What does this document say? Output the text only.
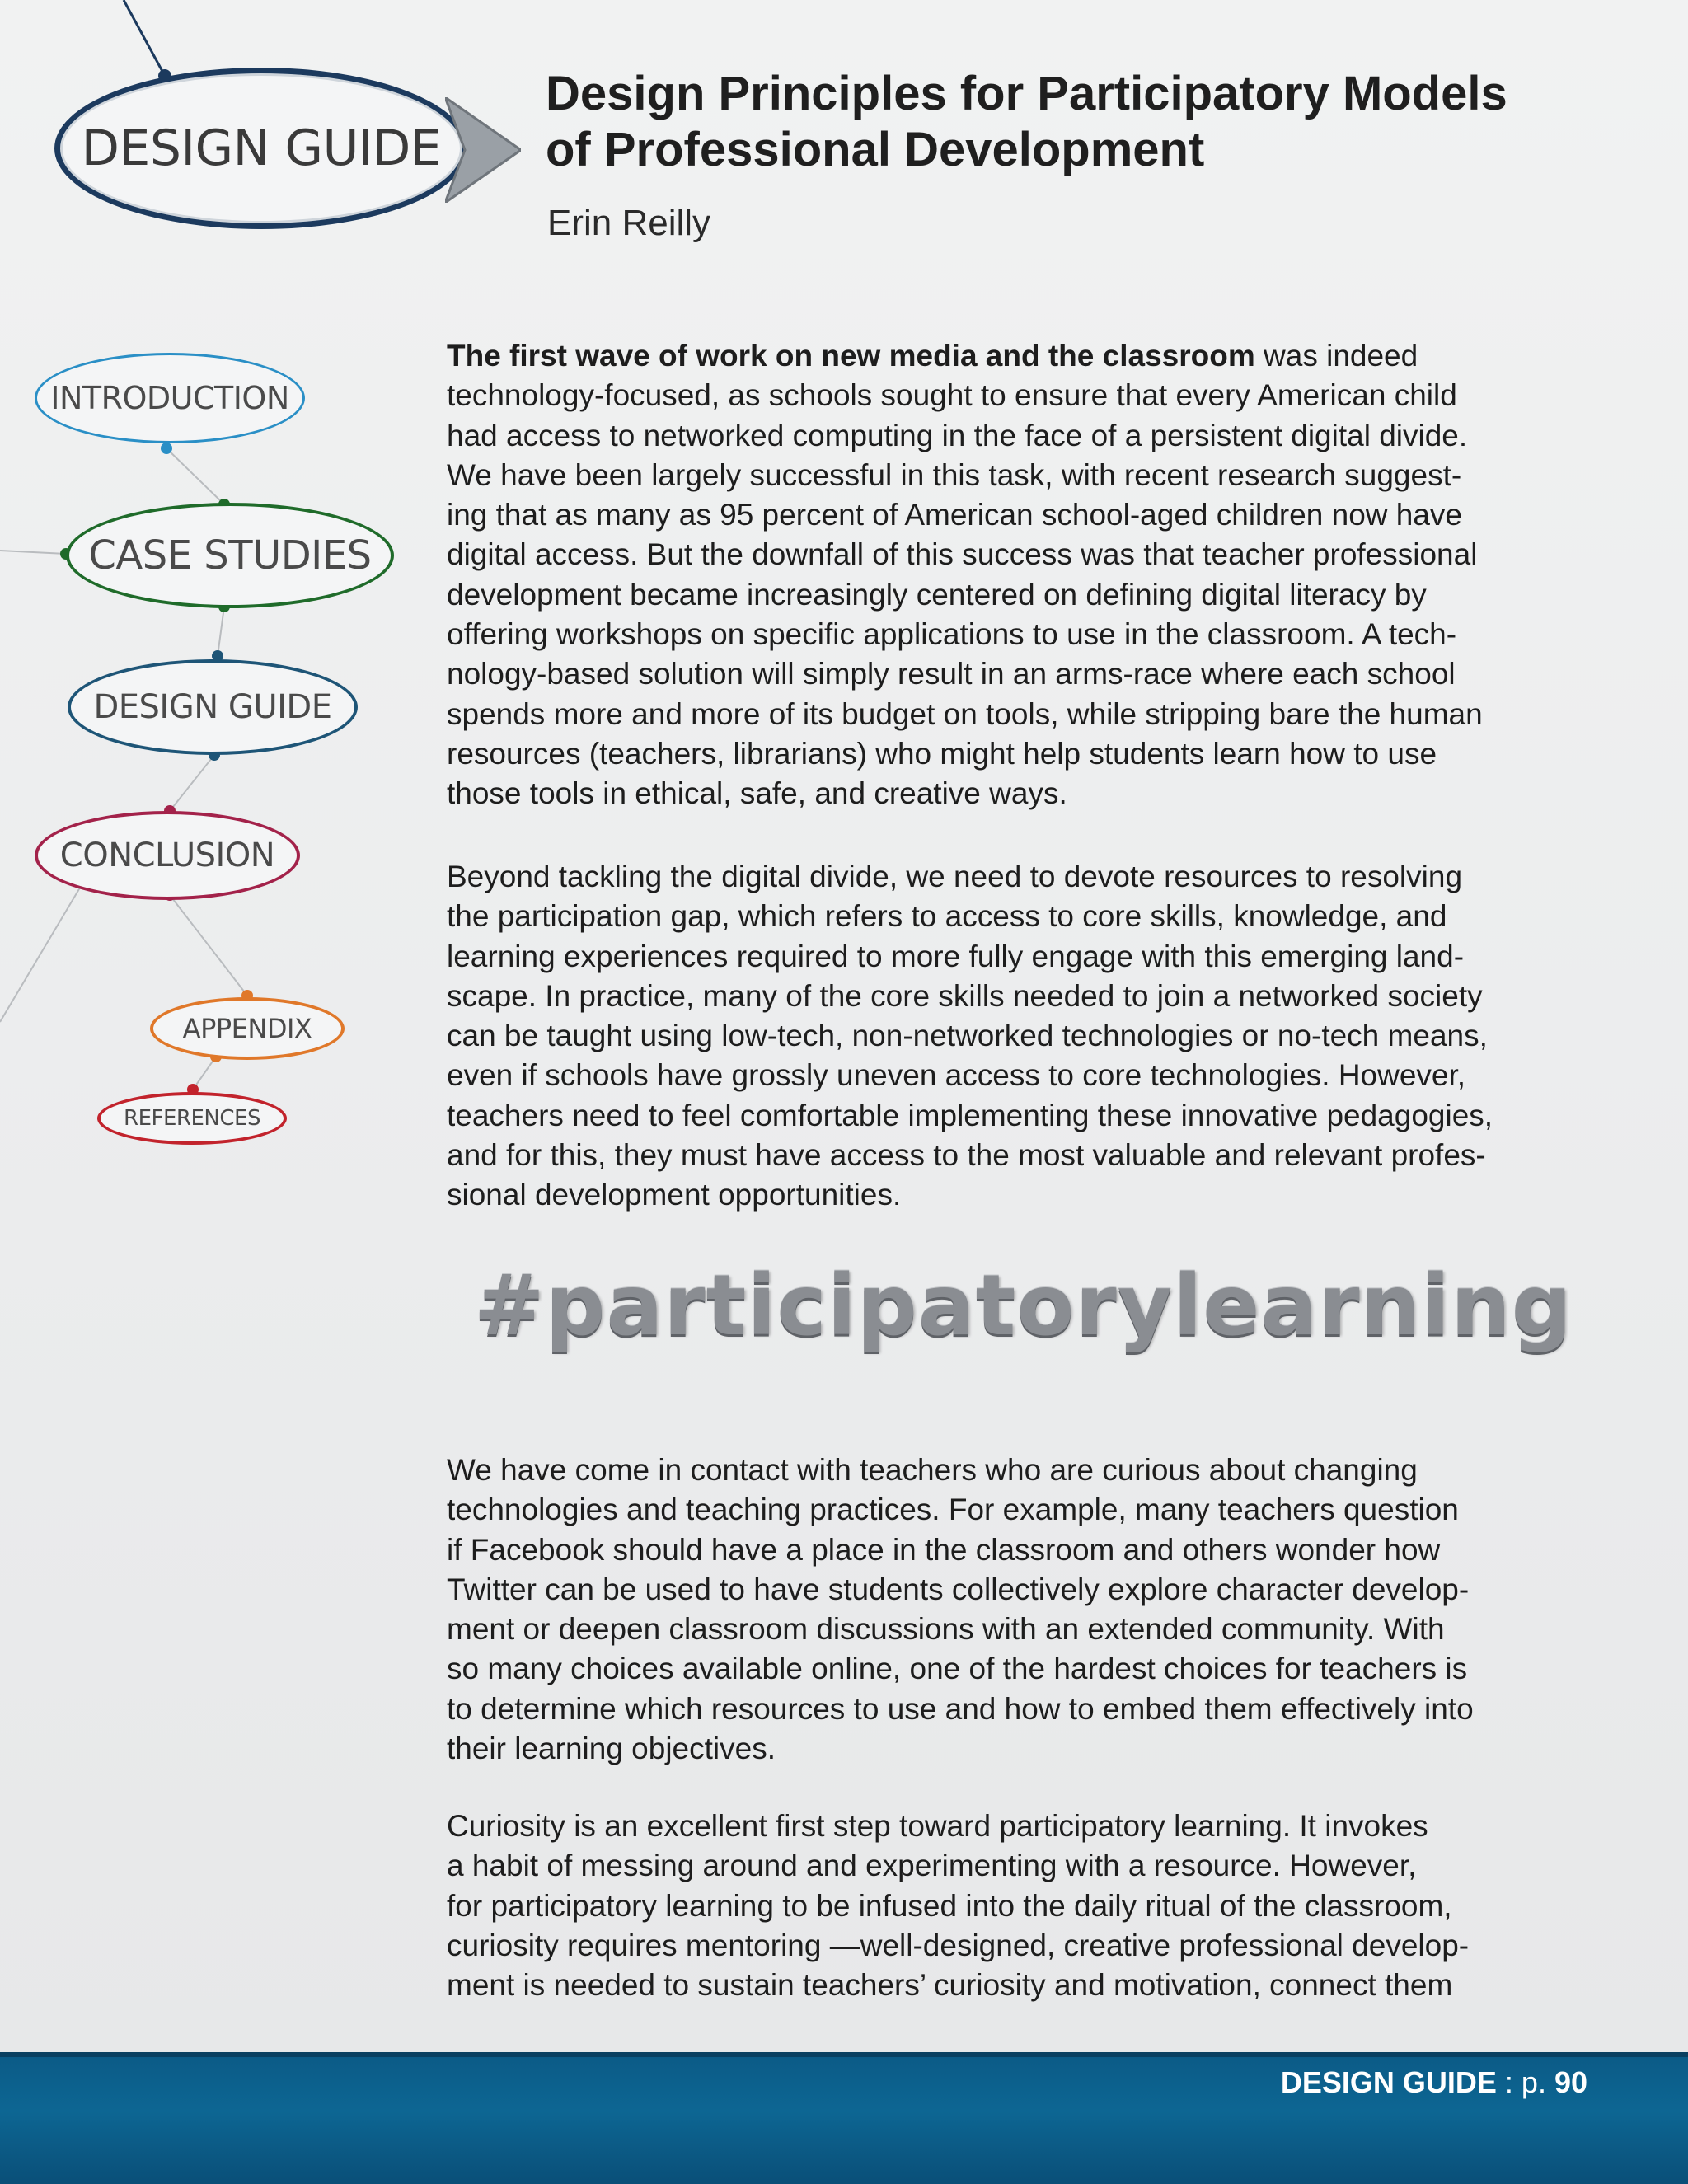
DESIGN GUIDE
INTRODUCTION
CASE STUDIES
DESIGN GUIDE
CONCLUSION
APPENDIX
REFERENCES
Design Principles for Participatory Models
of Professional Development
Erin Reilly
The first wave of work on new media and the classroom was indeed
technology-focused, as schools sought to ensure that every American child
had access to networked computing in the face of a persistent digital divide.
We have been largely successful in this task, with recent research suggest-
ing that as many as 95 percent of American school-aged children now have
digital access. But the downfall of this success was that teacher professional
development became increasingly centered on defining digital literacy by
offering workshops on specific applications to use in the classroom. A tech-
nology-based solution will simply result in an arms-race where each school
spends more and more of its budget on tools, while stripping bare the human
resources (teachers, librarians) who might help students learn how to use
those tools in ethical, safe, and creative ways.
Beyond tackling the digital divide, we need to devote resources to resolving
the participation gap, which refers to access to core skills, knowledge, and
learning experiences required to more fully engage with this emerging land-
scape. In practice, many of the core skills needed to join a networked society
can be taught using low-tech, non-networked technologies or no-tech means,
even if schools have grossly uneven access to core technologies. However,
teachers need to feel comfortable implementing these innovative pedagogies,
and for this, they must have access to the most valuable and relevant profes-
sional development opportunities.
#participatorylearning
We have come in contact with teachers who are curious about changing
technologies and teaching practices. For example, many teachers question
if Facebook should have a place in the classroom and others wonder how
Twitter can be used to have students collectively explore character develop-
ment or deepen classroom discussions with an extended community. With
so many choices available online, one of the hardest choices for teachers is
to determine which resources to use and how to embed them effectively into
their learning objectives.
Curiosity is an excellent first step toward participatory learning. It invokes
a habit of messing around and experimenting with a resource. However,
for participatory learning to be infused into the daily ritual of the classroom,
curiosity requires mentoring —well-designed, creative professional develop-
ment is needed to sustain teachers’ curiosity and motivation, connect them
DESIGN GUIDE : p. 90
